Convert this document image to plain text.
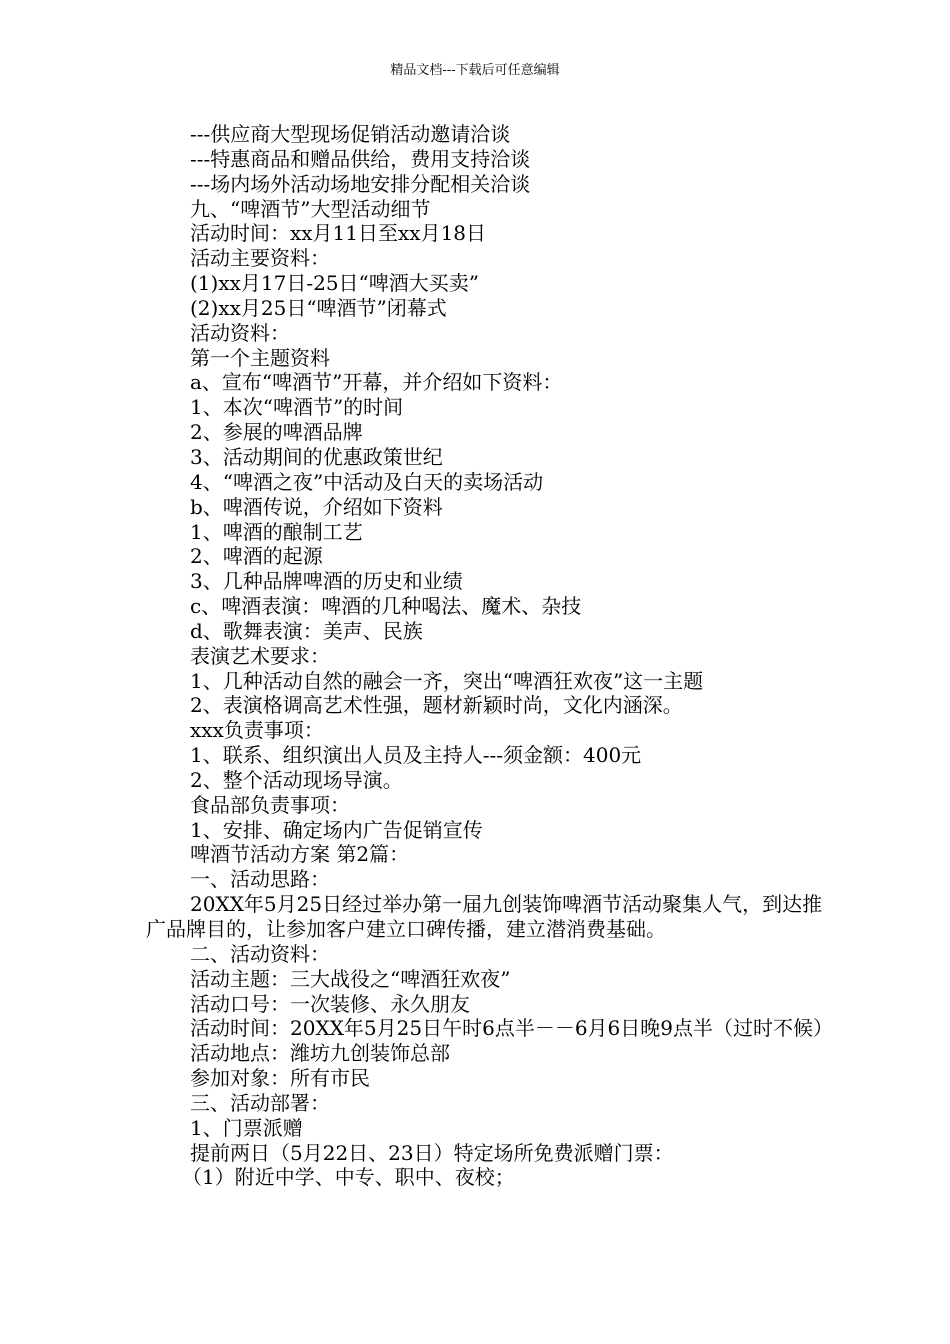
精品文档---下载后可任意编辑
---供应商大型现场促销活动邀请洽谈
---特惠商品和赠品供给，费用支持洽谈
---场内场外活动场地安排分配相关洽谈
九、“啤酒节”大型活动细节
活动时间：xx月11日至xx月18日
活动主要资料：
(1)xx月17日-25日“啤酒大买卖”
(2)xx月25日“啤酒节”闭幕式
活动资料：
第一个主题资料
a、宣布“啤酒节”开幕，并介绍如下资料：
1、本次“啤酒节”的时间
2、参展的啤酒品牌
3、活动期间的优惠政策世纪
4、“啤酒之夜”中活动及白天的卖场活动
b、啤酒传说，介绍如下资料
1、啤酒的酿制工艺
2、啤酒的起源
3、几种品牌啤酒的历史和业绩
c、啤酒表演：啤酒的几种喝法、魔术、杂技
d、歌舞表演：美声、民族
表演艺术要求：
1、几种活动自然的融会一齐，突出“啤酒狂欢夜”这一主题
2、表演格调高艺术性强，题材新颖时尚，文化内涵深。
xxx负责事项：
1、联系、组织演出人员及主持人---须金额：400元
2、整个活动现场导演。
食品部负责事项：
1、安排、确定场内广告促销宣传
啤酒节活动方案 第2篇：
一、活动思路：
20XX年5月25日经过举办第一届九创装饰啤酒节活动聚集人气，到达推广品牌目的，让参加客户建立口碑传播，建立潜消费基础。
二、活动资料：
活动主题：三大战役之“啤酒狂欢夜”
活动口号：一次装修、永久朋友
活动时间：20XX年5月25日午时6点半－－6月6日晚9点半（过时不候）
活动地点：潍坊九创装饰总部
参加对象：所有市民
三、活动部署：
1、门票派赠
提前两日（5月22日、23日）特定场所免费派赠门票：
（1）附近中学、中专、职中、夜校；
